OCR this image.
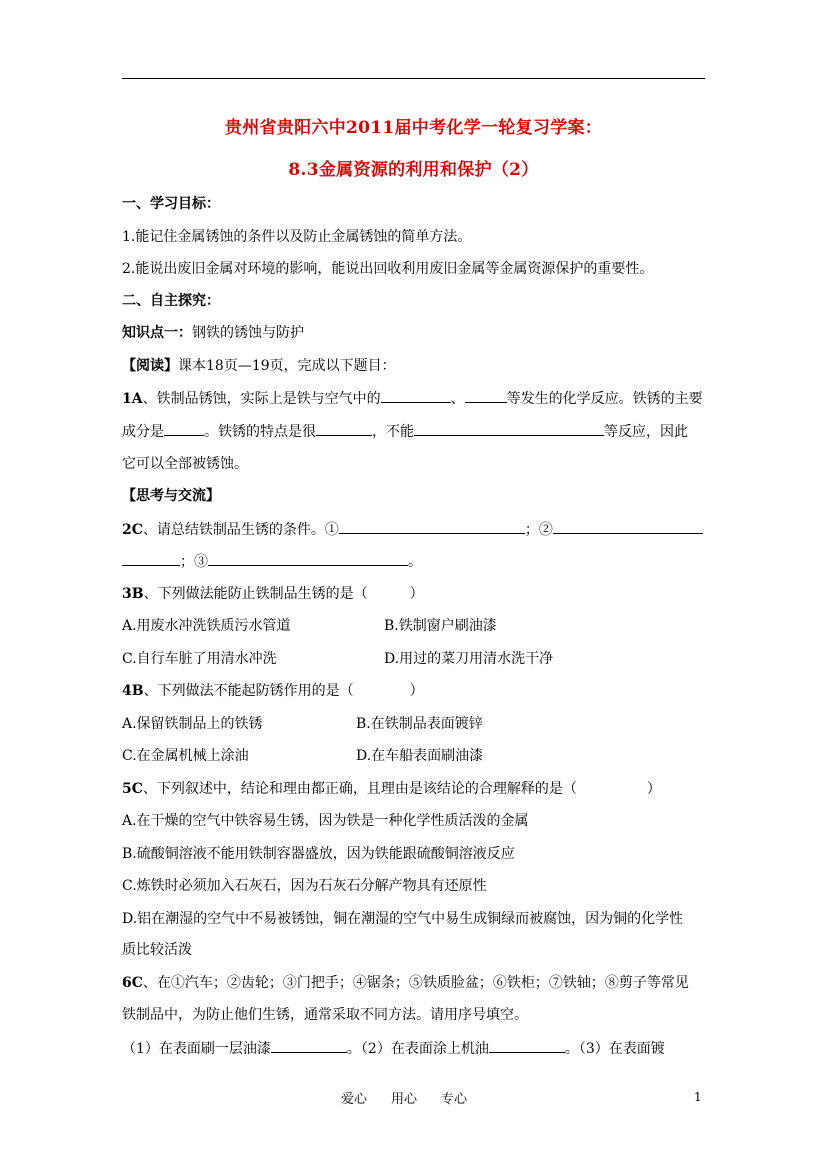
贵州省贵阳六中2011届中考化学一轮复习学案：
8.3金属资源的利用和保护（2）
一、学习目标：
1.能记住金属锈蚀的条件以及防止金属锈蚀的简单方法。
2.能说出废旧金属对环境的影响，能说出回收利用废旧金属等金属资源保护的重要性。
二、自主探究：
知识点一：钢铁的锈蚀与防护
【阅读】课本18页—19页，完成以下题目：
1A、铁制品锈蚀，实际上是铁与空气中的	、	等发生的化学反应。铁锈的主要
成分是	。铁锈的特点是很	，不能	等反应，因此
它可以全部被锈蚀。
【思考与交流】
2C、请总结铁制品生锈的条件。①	；②
；③	。
3B、下列做法能防止铁制品生锈的是（　　　）
A.用废水冲洗铁质污水管道	B.铁制窗户刷油漆
C.自行车脏了用清水冲洗	D.用过的菜刀用清水洗干净
4B、下列做法不能起防锈作用的是（　　　　）
A.保留铁制品上的铁锈	B.在铁制品表面镀锌
C.在金属机械上涂油	D.在车船表面刷油漆
5C、下列叙述中，结论和理由都正确，且理由是该结论的合理解释的是（　　　　　）
A.在干燥的空气中铁容易生锈，因为铁是一种化学性质活泼的金属
B.硫酸铜溶液不能用铁制容器盛放，因为铁能跟硫酸铜溶液反应
C.炼铁时必须加入石灰石，因为石灰石分解产物具有还原性
D.铝在潮湿的空气中不易被锈蚀，铜在潮湿的空气中易生成铜绿而被腐蚀，因为铜的化学性
质比较活泼
6C、在①汽车；②齿轮；③门把手；④锯条；⑤铁质脸盆；⑥铁柜；⑦铁轴；⑧剪子等常见
铁制品中，为防止他们生锈，通常采取不同方法。请用序号填空。
（1）在表面刷一层油漆	。（2）在表面涂上机油	。（3）在表面镀
爱心 用心 专心	1
